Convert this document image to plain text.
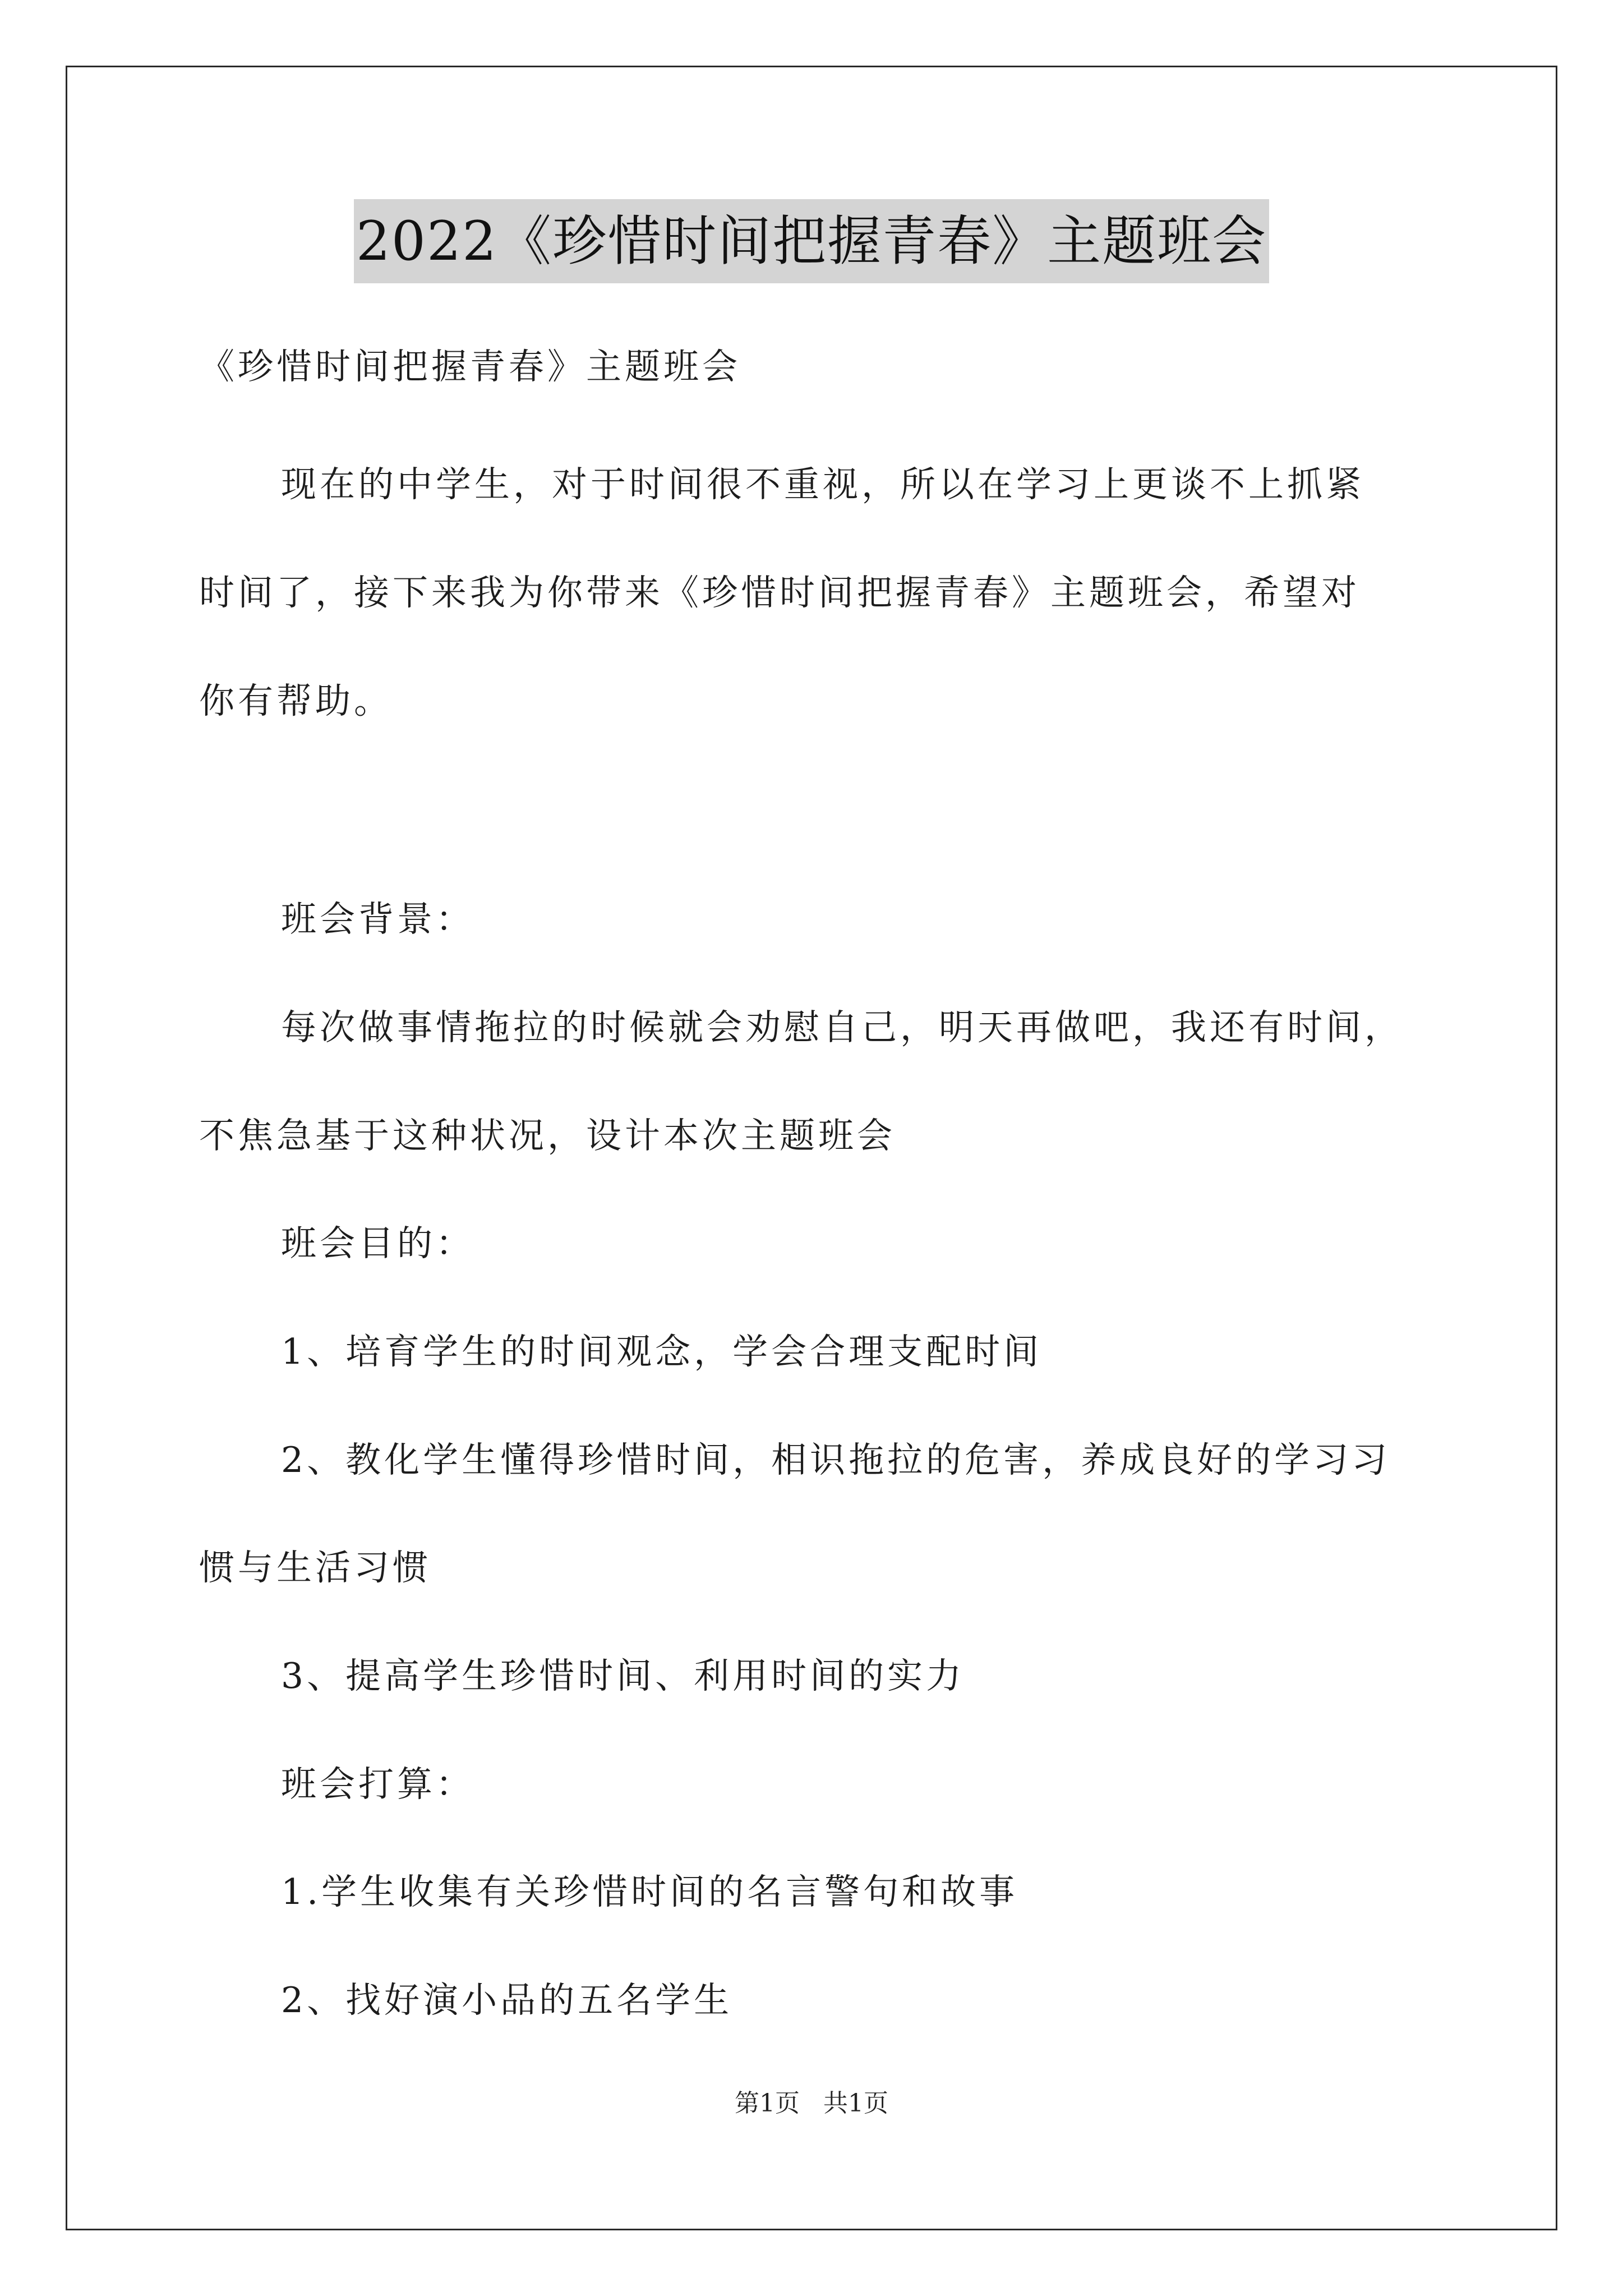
2022《珍惜时间把握青春》主题班会
《珍惜时间把握青春》主题班会
现在的中学生，对于时间很不重视，所以在学习上更谈不上抓紧
时间了，接下来我为你带来《珍惜时间把握青春》主题班会，希望对
你有帮助。
班会背景：
每次做事情拖拉的时候就会劝慰自己，明天再做吧，我还有时间，
不焦急基于这种状况，设计本次主题班会
班会目的：
1、培育学生的时间观念，学会合理支配时间
2、教化学生懂得珍惜时间，相识拖拉的危害，养成良好的学习习
惯与生活习惯
3、提高学生珍惜时间、利用时间的实力
班会打算：
1.学生收集有关珍惜时间的名言警句和故事
2、找好演小品的五名学生
第1页 共1页
